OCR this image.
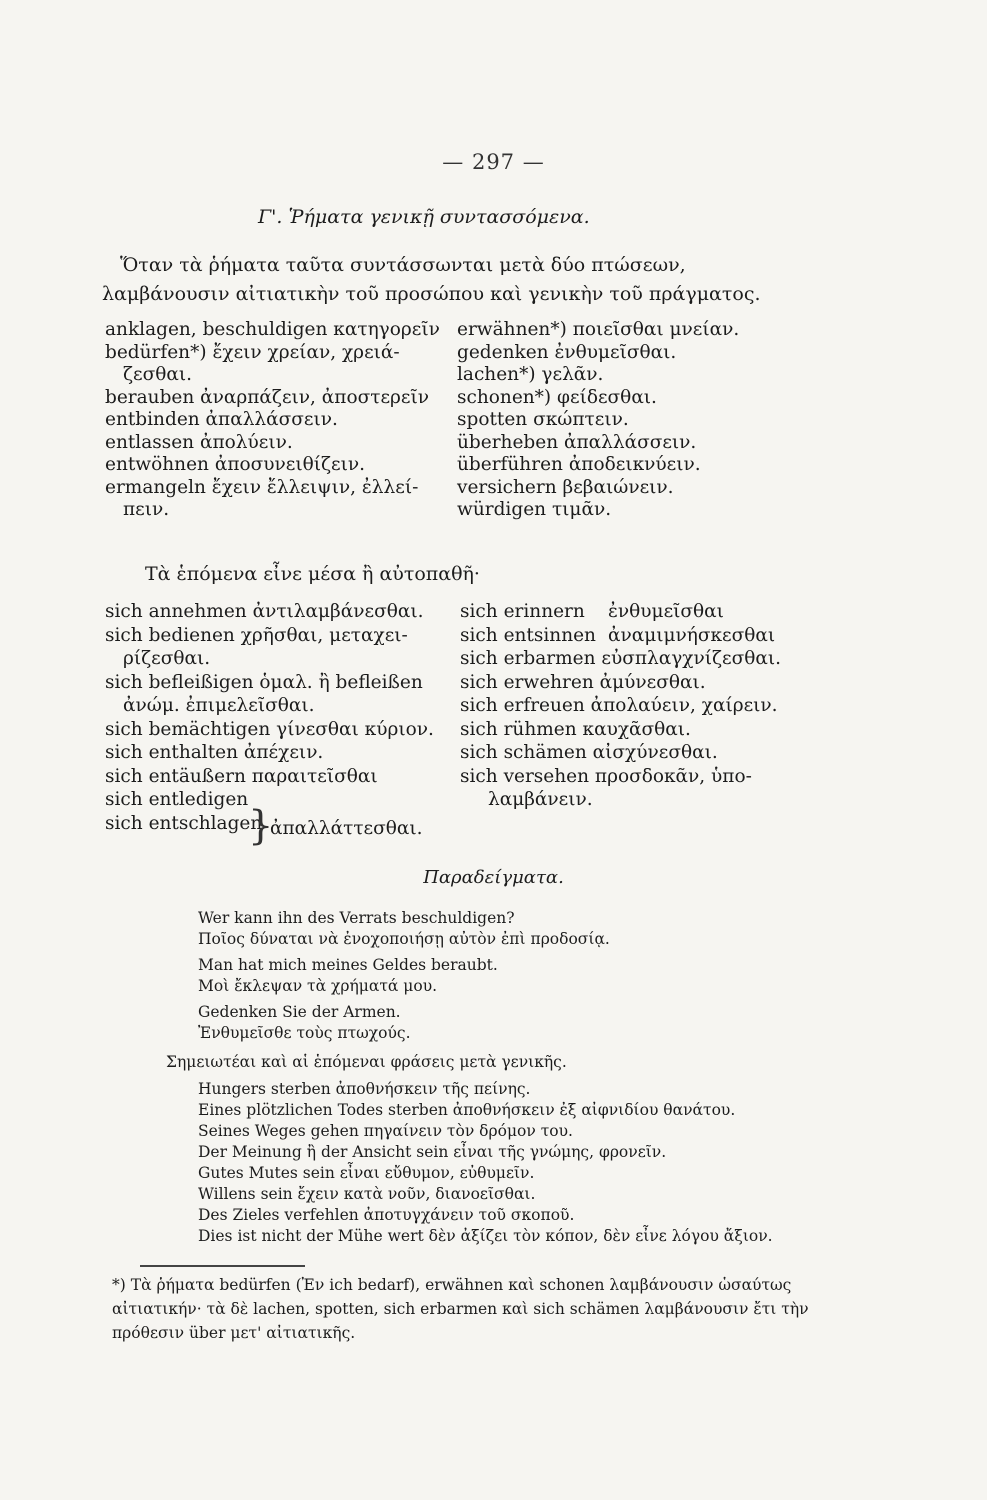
— 297 —
Γ'. Ῥήματα γενικῇ συντασσόμενα.
Ὅταν τὰ ῥήματα ταῦτα συντάσσωνται μετὰ δύο πτώσεων,
λαμβάνουσιν αἰτιατικὴν τοῦ προσώπου καὶ γενικὴν τοῦ πράγματος.
anklagen, beschuldigen κατηγορεῖν
bedürfen*) ἔχειν χρείαν, χρειά-
ζεσθαι.
berauben ἀναρπάζειν, ἀποστερεῖν
entbinden ἀπαλλάσσειν.
entlassen ἀπολύειν.
entwöhnen ἀποσυνειθίζειν.
ermangeln ἔχειν ἔλλειψιν, ἐλλεί-
πειν.
erwähnen*) ποιεῖσθαι μνείαν.
gedenken ἐνθυμεῖσθαι.
lachen*) γελᾶν.
schonen*) φείδεσθαι.
spotten σκώπτειν.
überheben ἀπαλλάσσειν.
überführen ἀποδεικνύειν.
versichern βεβαιώνειν.
würdigen τιμᾶν.
Τὰ ἑπόμενα εἶνε μέσα ἢ αὐτοπαθῆ·
sich annehmen ἀντιλαμβάνεσθαι.
sich bedienen χρῆσθαι, μεταχει-
ρίζεσθαι.
sich befleißigen ὁμαλ. ἢ befleißen
ἀνώμ. ἐπιμελεῖσθαι.
sich bemächtigen γίνεσθαι κύριον.
sich enthalten ἀπέχειν.
sich entäußern παραιτεῖσθαι
sich entledigen
sich entschlagen
}
ἀπαλλάττεσθαι.
sich erinnern
sich entsinnen
sich erbarmen εὐσπλαγχνίζεσθαι.
sich erwehren ἀμύνεσθαι.
sich erfreuen ἀπολαύειν, χαίρειν.
sich rühmen καυχᾶσθαι.
sich schämen αἰσχύνεσθαι.
sich versehen προσδοκᾶν, ὑπο-
λαμβάνειν.
ἐνθυμεῖσθαι ἀναμιμνήσκεσθαι
Παραδείγματα.
Wer kann ihn des Verrats beschuldigen?
Ποῖος δύναται νὰ ἐνοχοποιήσῃ αὐτὸν ἐπὶ προδοσίᾳ.
Man hat mich meines Geldes beraubt.
Μοὶ ἔκλεψαν τὰ χρήματά μου.
Gedenken Sie der Armen.
Ἐνθυμεῖσθε τοὺς πτωχούς.
Σημειωτέαι καὶ αἱ ἑπόμεναι φράσεις μετὰ γενικῆς.
Hungers sterben ἀποθνήσκειν τῆς πείνης.
Eines plötzlichen Todes sterben ἀποθνήσκειν ἐξ αἰφνιδίου θανάτου.
Seines Weges gehen πηγαίνειν τὸν δρόμον του.
Der Meinung ἢ der Ansicht sein εἶναι τῆς γνώμης, φρονεῖν.
Gutes Mutes sein εἶναι εὔθυμον, εὐθυμεῖν.
Willens sein ἔχειν κατὰ νοῦν, διανοεῖσθαι.
Des Zieles verfehlen ἀποτυγχάνειν τοῦ σκοποῦ.
Dies ist nicht der Mühe wert δὲν ἀξίζει τὸν κόπον, δὲν εἶνε λόγου ἄξιον.
*) Τὰ ῥήματα bedürfen (Ἐν ich bedarf), erwähnen καὶ schonen λαμβάνουσιν ὡσαύτως αἰτιατικήν· τὰ δὲ lachen, spotten, sich erbarmen καὶ sich schämen λαμβάνουσιν ἔτι τὴν πρόθεσιν über μετ' αἰτιατικῆς.
